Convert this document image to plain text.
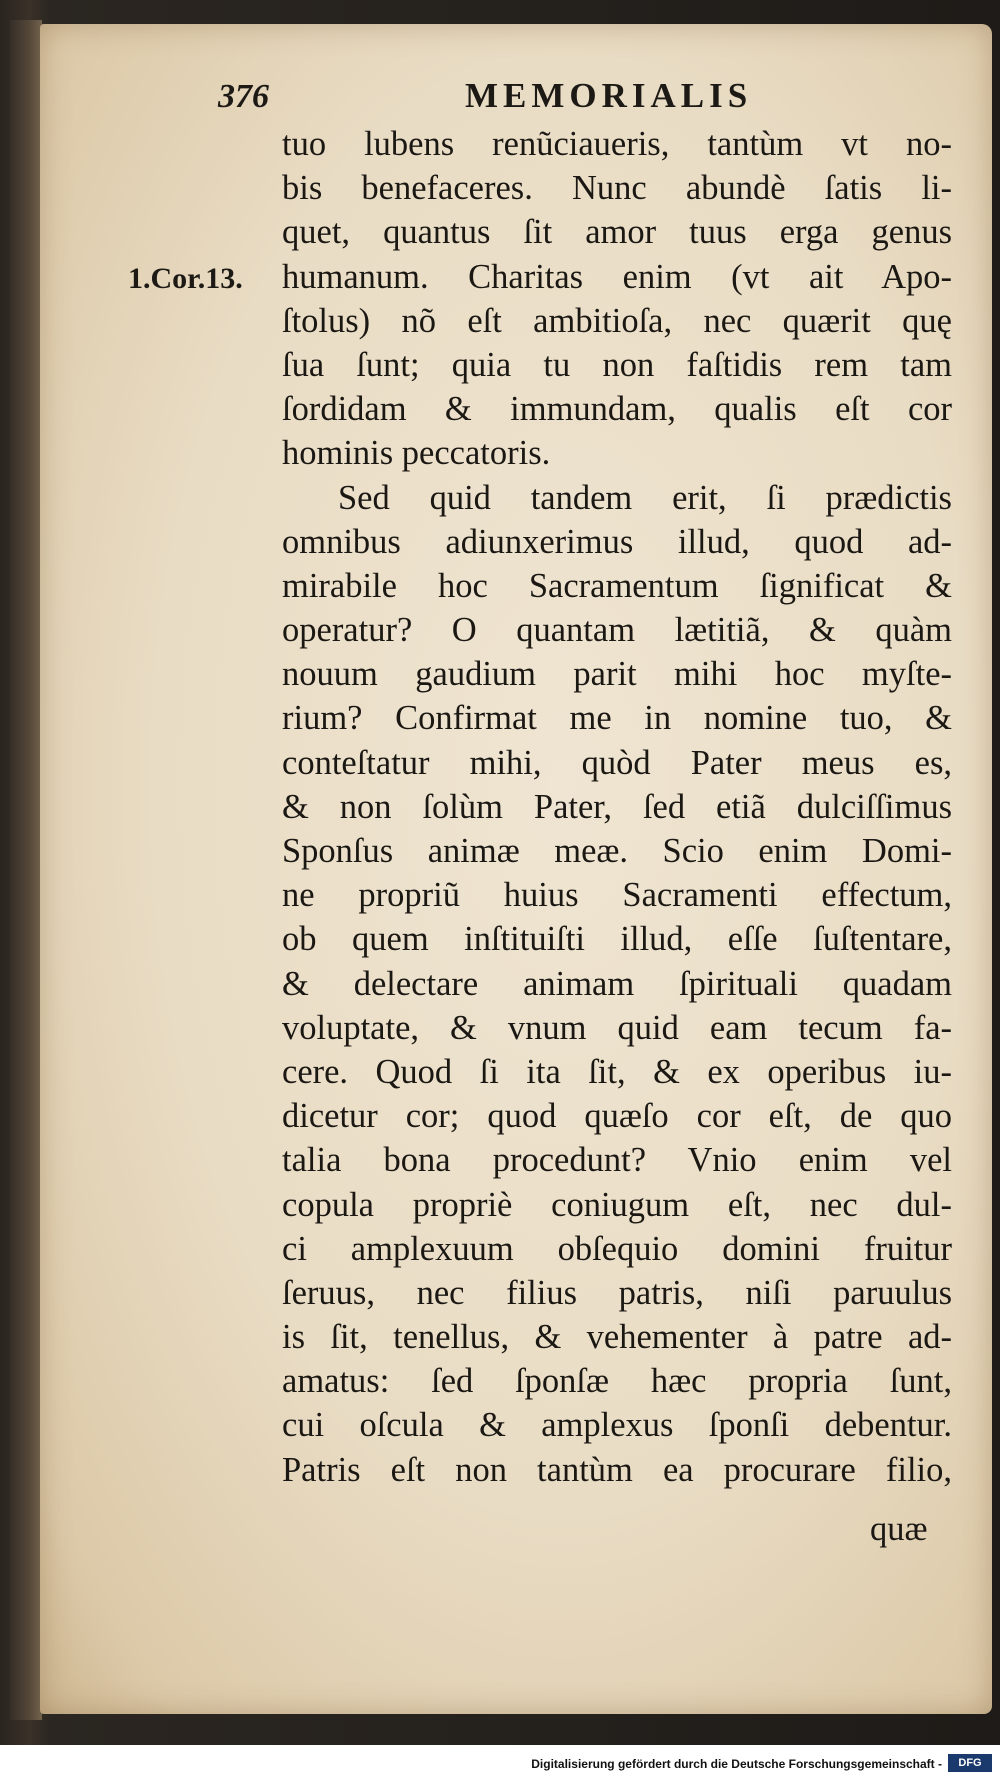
376	MEMORIALIS
1.Cor.13.
tuo lubens renũciaueris, tantùm vt no-
bis benefaceres. Nunc abundè ſatis li-
quet, quantus ſit amor tuus erga genus
humanum. Charitas enim (vt ait Apo-
ſtolus) nõ eſt ambitioſa, nec quærit quę
ſua ſunt; quia tu non faſtidis rem tam
ſordidam & immundam, qualis eſt cor
hominis peccatoris.
Sed quid tandem erit, ſi prædictis
omnibus adiunxerimus illud, quod ad-
mirabile hoc Sacramentum ſignificat &
operatur? O quantam lætitiã, & quàm
nouum gaudium parit mihi hoc myſte-
rium? Confirmat me in nomine tuo, &
conteſtatur mihi, quòd Pater meus es,
& non ſolùm Pater, ſed etiã dulciſſimus
Sponſus animæ meæ. Scio enim Domi-
ne propriũ huius Sacramenti effectum,
ob quem inſtituiſti illud, eſſe ſuſtentare,
& delectare animam ſpirituali quadam
voluptate, & vnum quid eam tecum fa-
cere. Quod ſi ita ſit, & ex operibus iu-
dicetur cor; quod quæſo cor eſt, de quo
talia bona procedunt? Vnio enim vel
copula propriè coniugum eſt, nec dul-
ci amplexuum obſequio domini fruitur
ſeruus, nec filius patris, niſi paruulus
is ſit, tenellus, & vehementer à patre ad-
amatus: ſed ſponſæ hæc propria ſunt,
cui oſcula & amplexus ſponſi debentur.
Patris eſt non tantùm ea procurare filio,
quæ
Digitalisierung gefördert durch die Deutsche Forschungsgemeinschaft -	DFG
